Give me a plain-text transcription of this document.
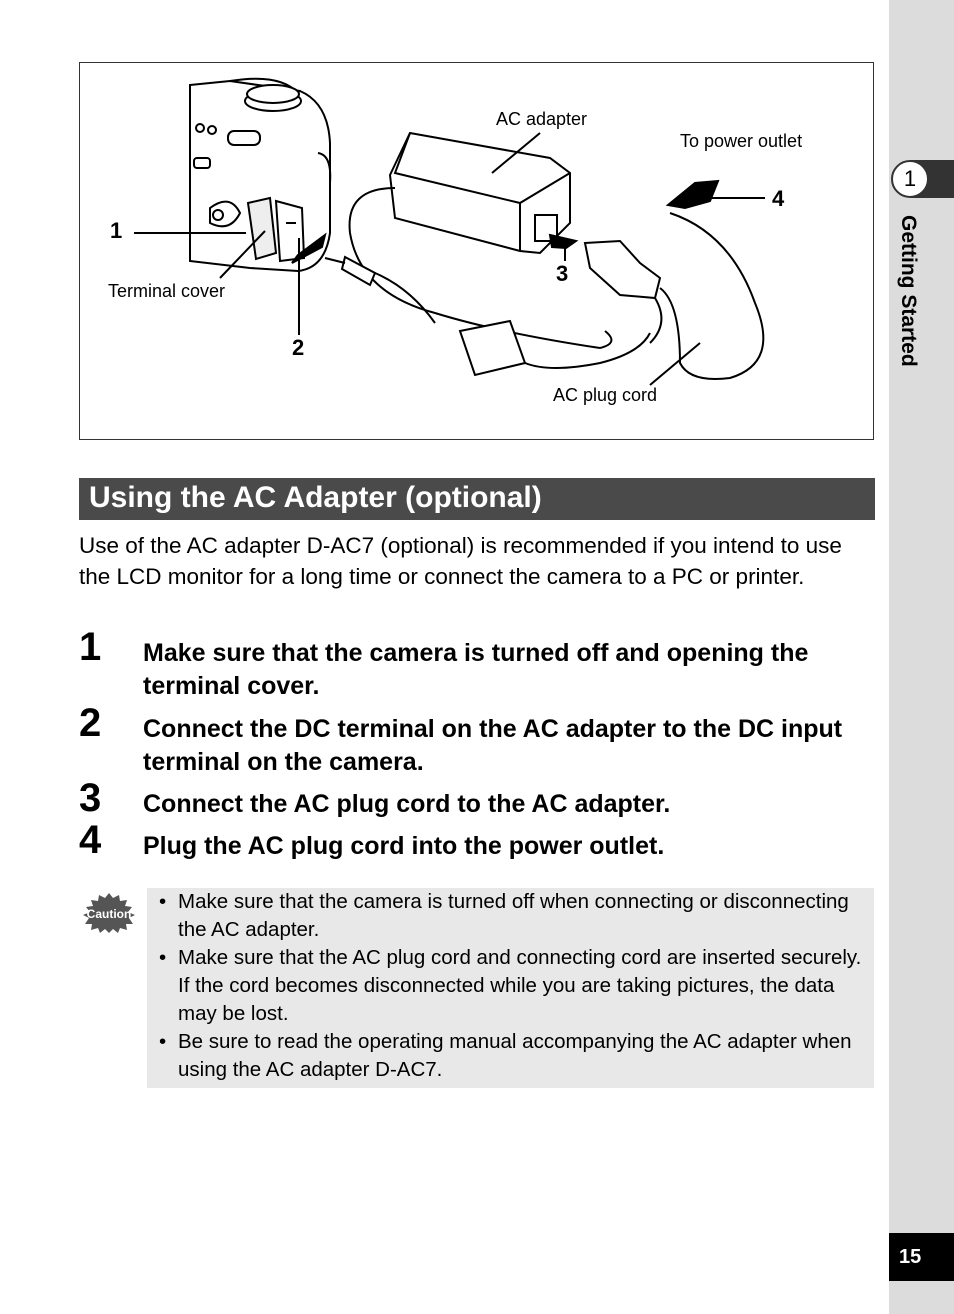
AC adapter
To power outlet
Terminal cover
AC plug cord
1
2
3
4
Using the AC Adapter (optional)
Use of the AC adapter D-AC7 (optional) is recommended if you intend to use the LCD monitor for a long time or connect the camera to a PC or printer.
1 Make sure that the camera is turned off and opening the terminal cover.
2 Connect the DC terminal on the AC adapter to the DC input terminal on the camera.
3 Connect the AC plug cord to the AC adapter.
4 Plug the AC plug cord into the power outlet.
Caution
• Make sure that the camera is turned off when connecting or disconnecting the AC adapter.
• Make sure that the AC plug cord and connecting cord are inserted securely. If the cord becomes disconnected while you are taking pictures, the data may be lost.
• Be sure to read the operating manual accompanying the AC adapter when using the AC adapter D-AC7.
1
Getting Started
15
